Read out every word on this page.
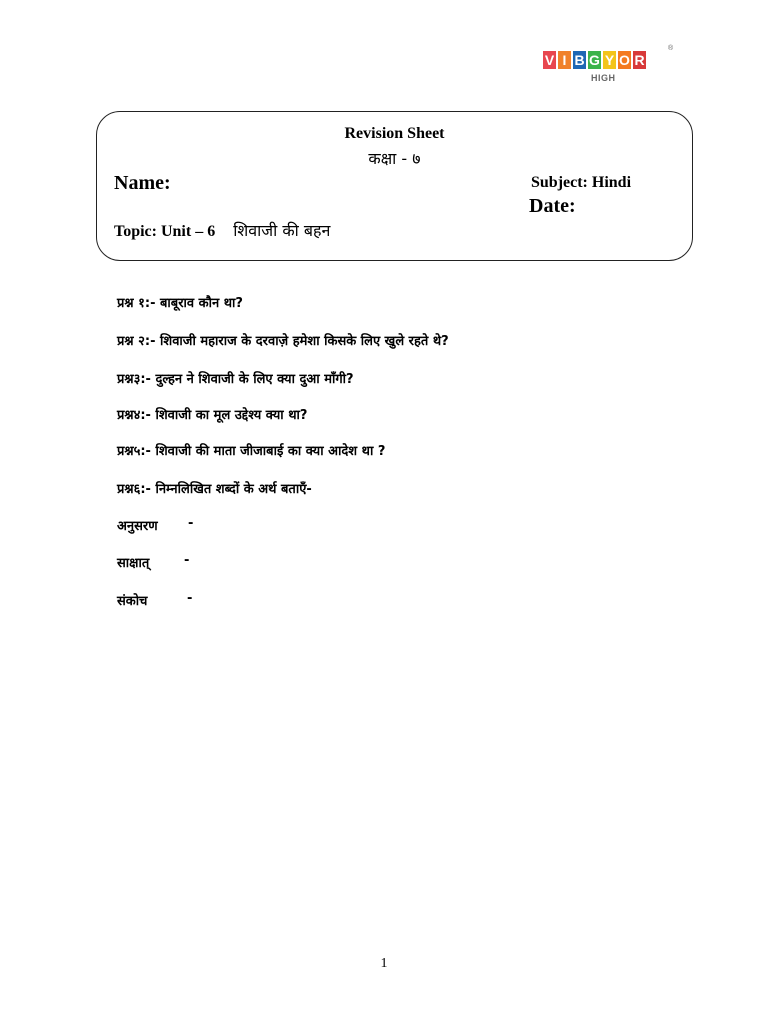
V I B G Y O R
®
HIGH
Revision Sheet
कक्षा - ७
Name:	Subject: Hindi
Date:
Topic: Unit – 6 शिवाजी की बहन
प्रश्न १:- बाबूराव कौन था?
प्रश्न २:- शिवाजी महाराज के दरवाज़े हमेशा किसके लिए खुले रहते थे?
प्रश्न३:- दुल्हन ने शिवाजी के लिए क्या दुआ माँगी?
प्रश्न४:- शिवाजी का मूल उद्देश्य क्या था?
प्रश्न५:- शिवाजी की माता जीजाबाई का क्या आदेश था ?
प्रश्न६:- निम्नलिखित शब्दों के अर्थ बताएँ-
अनुसरण -
साक्षात्	-
संकोच	-
1
